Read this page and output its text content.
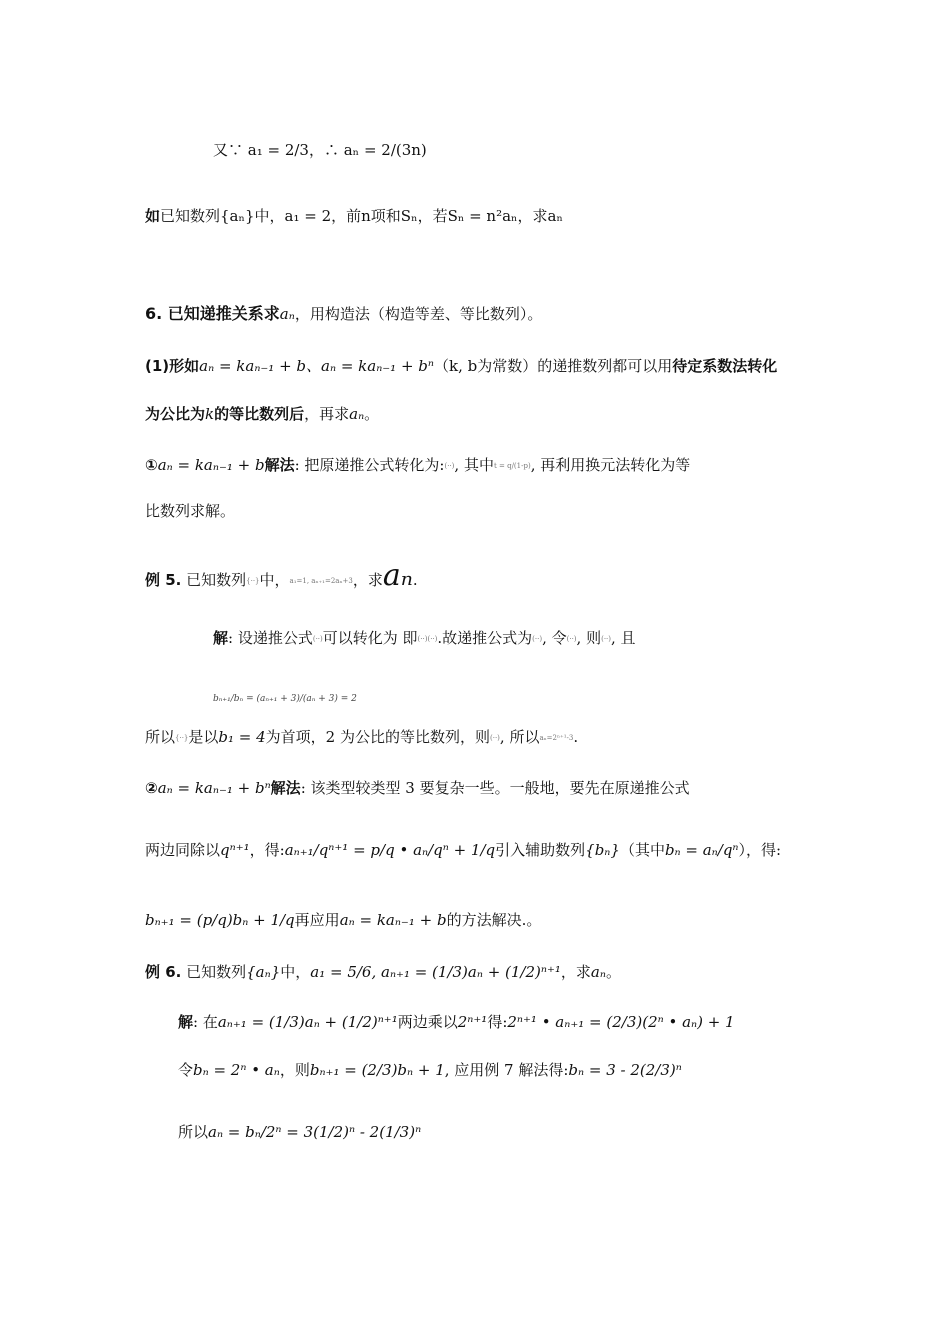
又∵ a₁ = 2/3，∴ aₙ = 2/(3n)
如已知数列{aₙ}中，a₁ = 2，前n项和Sₙ，若Sₙ = n²aₙ，求aₙ
6. 已知递推关系求aₙ，用构造法（构造等差、等比数列）。
(1)形如aₙ = kaₙ₋₁ + b、aₙ = kaₙ₋₁ + bⁿ（k, b为常数）的递推数列都可以用待定系数法转化
为公比为k的等比数列后，再求aₙ。
①aₙ = kaₙ₋₁ + b解法: 把原递推公式转化为:(··), 其中t = q/(1-p), 再利用换元法转化为等
比数列求解。
例 5. 已知数列{··}中，a₁=1, aₙ₊₁=2aₙ+3，求aₙ.
解: 设递推公式(··)可以转化为 即(··)(··).故递推公式为(··), 令(··), 则(··), 且
bₙ₊₁/bₙ = (aₙ₊₁ + 3)/(aₙ + 3) = 2
所以{··}是以b₁ = 4为首项，2 为公比的等比数列，则(··), 所以aₙ=2ⁿ⁺¹-3.
②aₙ = kaₙ₋₁ + bⁿ解法: 该类型较类型 3 要复杂一些。一般地，要先在原递推公式
两边同除以qⁿ⁺¹，得:aₙ₊₁/qⁿ⁺¹ = p/q • aₙ/qⁿ + 1/q引入辅助数列{bₙ}（其中bₙ = aₙ/qⁿ），得:
bₙ₊₁ = (p/q)bₙ + 1/q再应用aₙ = kaₙ₋₁ + b的方法解决.。
例 6. 已知数列{aₙ}中，a₁ = 5/6, aₙ₊₁ = (1/3)aₙ + (1/2)ⁿ⁺¹，求aₙ。
解: 在aₙ₊₁ = (1/3)aₙ + (1/2)ⁿ⁺¹两边乘以2ⁿ⁺¹得:2ⁿ⁺¹ • aₙ₊₁ = (2/3)(2ⁿ • aₙ) + 1
令bₙ = 2ⁿ • aₙ，则bₙ₊₁ = (2/3)bₙ + 1, 应用例 7 解法得:bₙ = 3 - 2(2/3)ⁿ
所以aₙ = bₙ/2ⁿ = 3(1/2)ⁿ - 2(1/3)ⁿ
